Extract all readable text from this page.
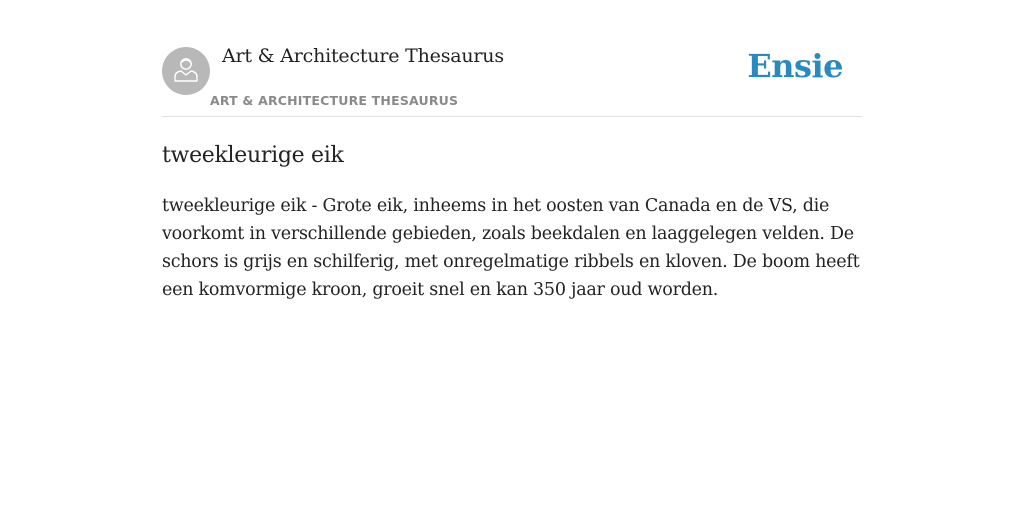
Art & Architecture Thesaurus
ART & ARCHITECTURE THESAURUS
Ensie
tweekleurige eik

tweekleurige eik - Grote eik, inheems in het oosten van Canada en de VS, die voorkomt in verschillende gebieden, zoals beekdalen en laaggelegen velden. De schors is grijs en schilferig, met onregelmatige ribbels en kloven. De boom heeft een komvormige kroon, groeit snel en kan 350 jaar oud worden.
